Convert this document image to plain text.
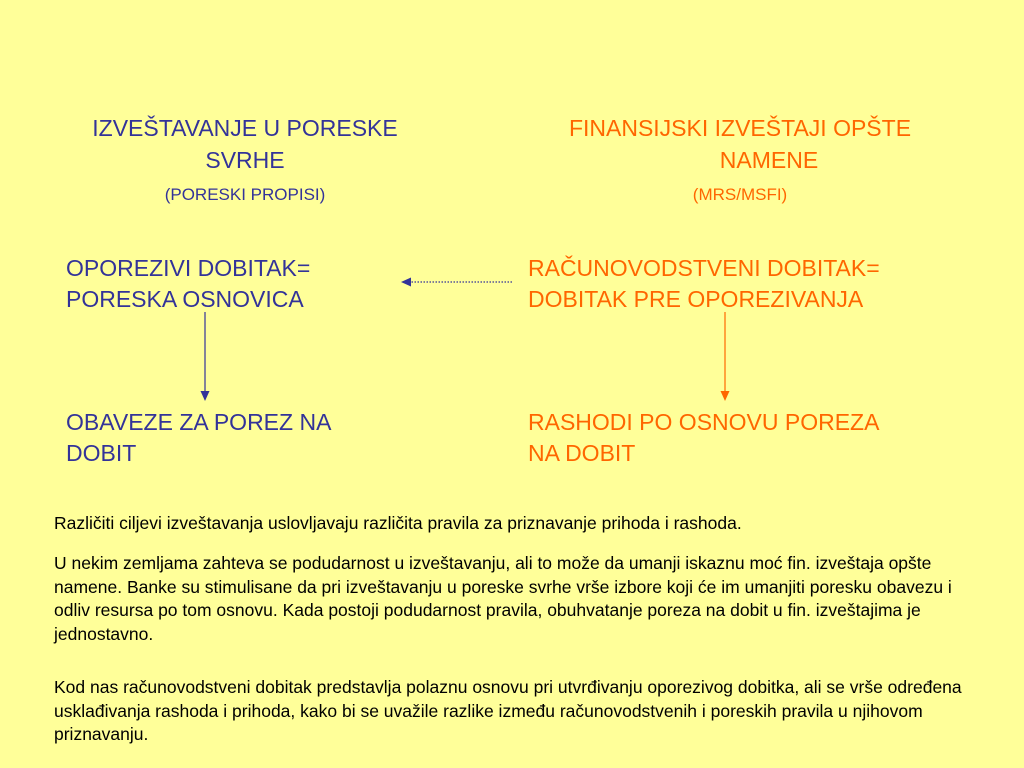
IZVEŠTAVANJE U PORESKE
SVRHE
(PORESKI PROPISI)
FINANSIJSKI IZVEŠTAJI OPŠTE
NAMENE
(MRS/MSFI)
OPOREZIVI DOBITAK=
PORESKA OSNOVICA
OBAVEZE ZA POREZ NA
DOBIT
RAČUNOVODSTVENI DOBITAK=
DOBITAK PRE OPOREZIVANJA
RASHODI PO OSNOVU POREZA
NA DOBIT
Različiti ciljevi izveštavanja uslovljavaju različita pravila za priznavanje prihoda i rashoda.
U nekim zemljama zahteva se podudarnost u izveštavanju, ali to može da umanji iskaznu moć fin. izveštaja opšte namene. Banke su stimulisane da pri izveštavanju u poreske svrhe vrše izbore koji će im umanjiti poresku obavezu i odliv resursa po tom osnovu. Kada postoji podudarnost pravila, obuhvatanje poreza na dobit u fin. izveštajima je jednostavno.
Kod nas računovodstveni dobitak predstavlja polaznu osnovu pri utvrđivanju oporezivog dobitka, ali se vrše određena usklađivanja rashoda i prihoda, kako bi se uvažile razlike između računovodstvenih i poreskih pravila u njihovom priznavanju.
